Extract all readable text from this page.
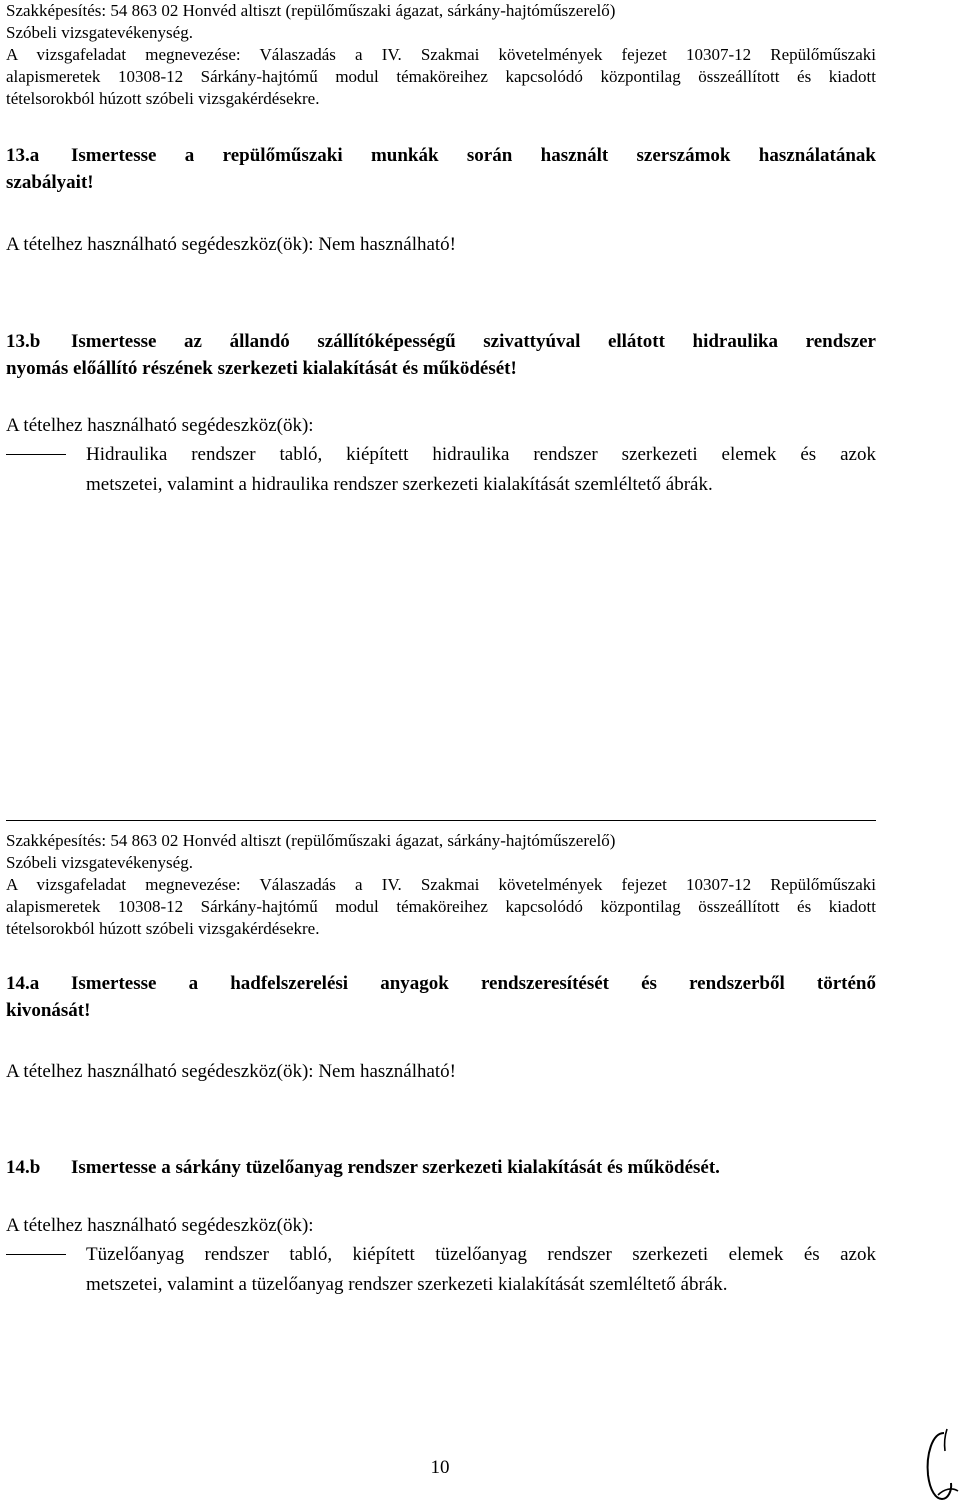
Szakképesítés: 54 863 02 Honvéd altiszt (repülőműszaki ágazat, sárkány-hajtóműszerelő)
Szóbeli vizsgatevékenység.
A vizsgafeladat megnevezése: Válaszadás a IV. Szakmai követelmények fejezet 10307-12 Repülőműszaki
alapismeretek 10308-12 Sárkány-hajtómű modul témaköreihez kapcsolódó központilag összeállított és kiadott
tételsorokból húzott szóbeli vizsgakérdésekre.
13.a Ismertesse a repülőműszaki munkák során használt szerszámok használatának
szabályait!
A tételhez használható segédeszköz(ök): Nem használható!
13.b Ismertesse az állandó szállítóképességű szivattyúval ellátott hidraulika rendszer
nyomás előállító részének szerkezeti kialakítását és működését!
A tételhez használható segédeszköz(ök):
Hidraulika rendszer tabló, kiépített hidraulika rendszer szerkezeti elemek és azok
metszetei, valamint a hidraulika rendszer szerkezeti kialakítását szemléltető ábrák.
Szakképesítés: 54 863 02 Honvéd altiszt (repülőműszaki ágazat, sárkány-hajtóműszerelő)
Szóbeli vizsgatevékenység.
A vizsgafeladat megnevezése: Válaszadás a IV. Szakmai követelmények fejezet 10307-12 Repülőműszaki
alapismeretek 10308-12 Sárkány-hajtómű modul témaköreihez kapcsolódó központilag összeállított és kiadott
tételsorokból húzott szóbeli vizsgakérdésekre.
14.a Ismertesse a hadfelszerelési anyagok rendszeresítését és rendszerből történő
kivonását!
A tételhez használható segédeszköz(ök): Nem használható!
14.b Ismertesse a sárkány tüzelőanyag rendszer szerkezeti kialakítását és működését.
A tételhez használható segédeszköz(ök):
Tüzelőanyag rendszer tabló, kiépített tüzelőanyag rendszer szerkezeti elemek és azok
metszetei, valamint a tüzelőanyag rendszer szerkezeti kialakítását szemléltető ábrák.
10
